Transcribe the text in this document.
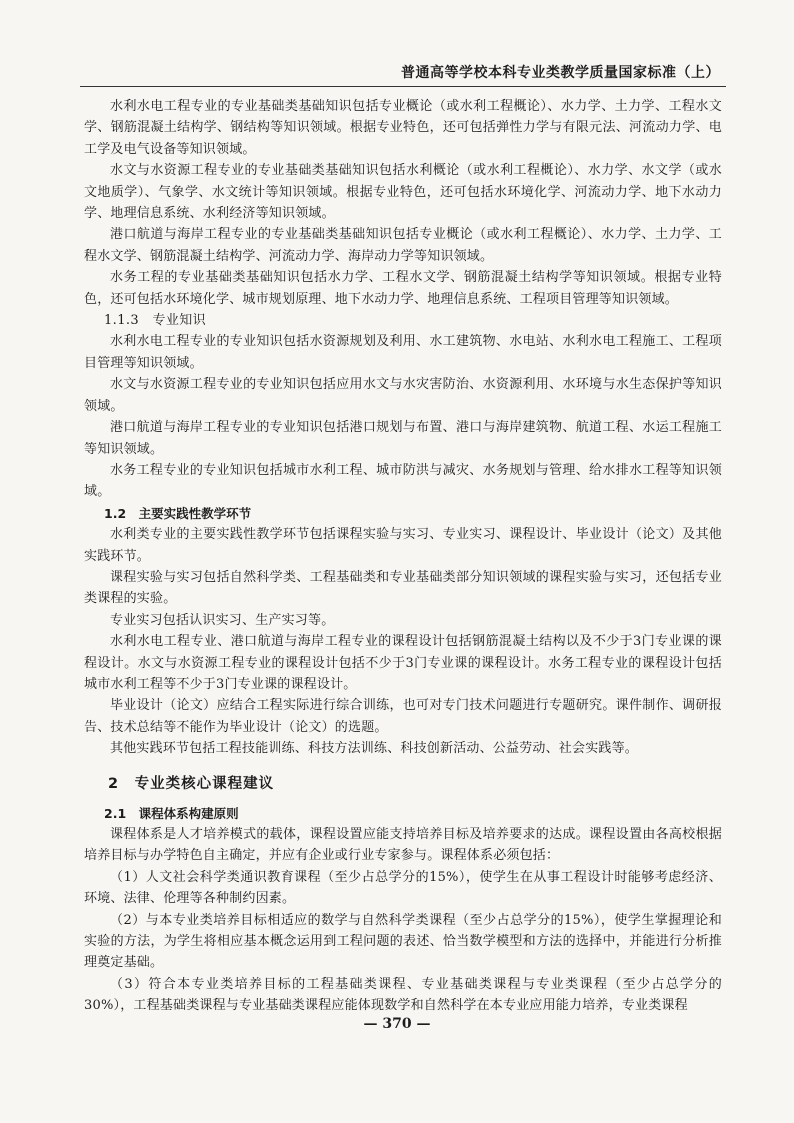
普通高等学校本科专业类教学质量国家标准（上）

水利水电工程专业的专业基础类基础知识包括专业概论（或水利工程概论）、水力学、土力学、工程水文学、钢筋混凝土结构学、钢结构等知识领域。根据专业特色，还可包括弹性力学与有限元法、河流动力学、电工学及电气设备等知识领域。

水文与水资源工程专业的专业基础类基础知识包括水利概论（或水利工程概论）、水力学、水文学（或水文地质学）、气象学、水文统计等知识领域。根据专业特色，还可包括水环境化学、河流动力学、地下水动力学、地理信息系统、水利经济等知识领域。

港口航道与海岸工程专业的专业基础类基础知识包括专业概论（或水利工程概论）、水力学、土力学、工程水文学、钢筋混凝土结构学、河流动力学、海岸动力学等知识领域。

水务工程的专业基础类基础知识包括水力学、工程水文学、钢筋混凝土结构学等知识领域。根据专业特色，还可包括水环境化学、城市规划原理、地下水动力学、地理信息系统、工程项目管理等知识领域。

1.1.3　专业知识

水利水电工程专业的专业知识包括水资源规划及利用、水工建筑物、水电站、水利水电工程施工、工程项目管理等知识领域。

水文与水资源工程专业的专业知识包括应用水文与水灾害防治、水资源利用、水环境与水生态保护等知识领域。

港口航道与海岸工程专业的专业知识包括港口规划与布置、港口与海岸建筑物、航道工程、水运工程施工等知识领域。

水务工程专业的专业知识包括城市水利工程、城市防洪与减灾、水务规划与管理、给水排水工程等知识领域。

1.2　主要实践性教学环节

水利类专业的主要实践性教学环节包括课程实验与实习、专业实习、课程设计、毕业设计（论文）及其他实践环节。

课程实验与实习包括自然科学类、工程基础类和专业基础类部分知识领域的课程实验与实习，还包括专业类课程的实验。

专业实习包括认识实习、生产实习等。

水利水电工程专业、港口航道与海岸工程专业的课程设计包括钢筋混凝土结构以及不少于3门专业课的课程设计。水文与水资源工程专业的课程设计包括不少于3门专业课的课程设计。水务工程专业的课程设计包括城市水利工程等不少于3门专业课的课程设计。

毕业设计（论文）应结合工程实际进行综合训练，也可对专门技术问题进行专题研究。课件制作、调研报告、技术总结等不能作为毕业设计（论文）的选题。

其他实践环节包括工程技能训练、科技方法训练、科技创新活动、公益劳动、社会实践等。

2　专业类核心课程建议

2.1　课程体系构建原则

课程体系是人才培养模式的载体，课程设置应能支持培养目标及培养要求的达成。课程设置由各高校根据培养目标与办学特色自主确定，并应有企业或行业专家参与。课程体系必须包括：

（1）人文社会科学类通识教育课程（至少占总学分的15%），使学生在从事工程设计时能够考虑经济、环境、法律、伦理等各种制约因素。

（2）与本专业类培养目标相适应的数学与自然科学类课程（至少占总学分的15%），使学生掌握理论和实验的方法，为学生将相应基本概念运用到工程问题的表述、恰当数学模型和方法的选择中，并能进行分析推理奠定基础。

（3）符合本专业类培养目标的工程基础类课程、专业基础类课程与专业类课程（至少占总学分的30%），工程基础类课程与专业基础类课程应能体现数学和自然科学在本专业应用能力培养，专业类课程

— 370 —
